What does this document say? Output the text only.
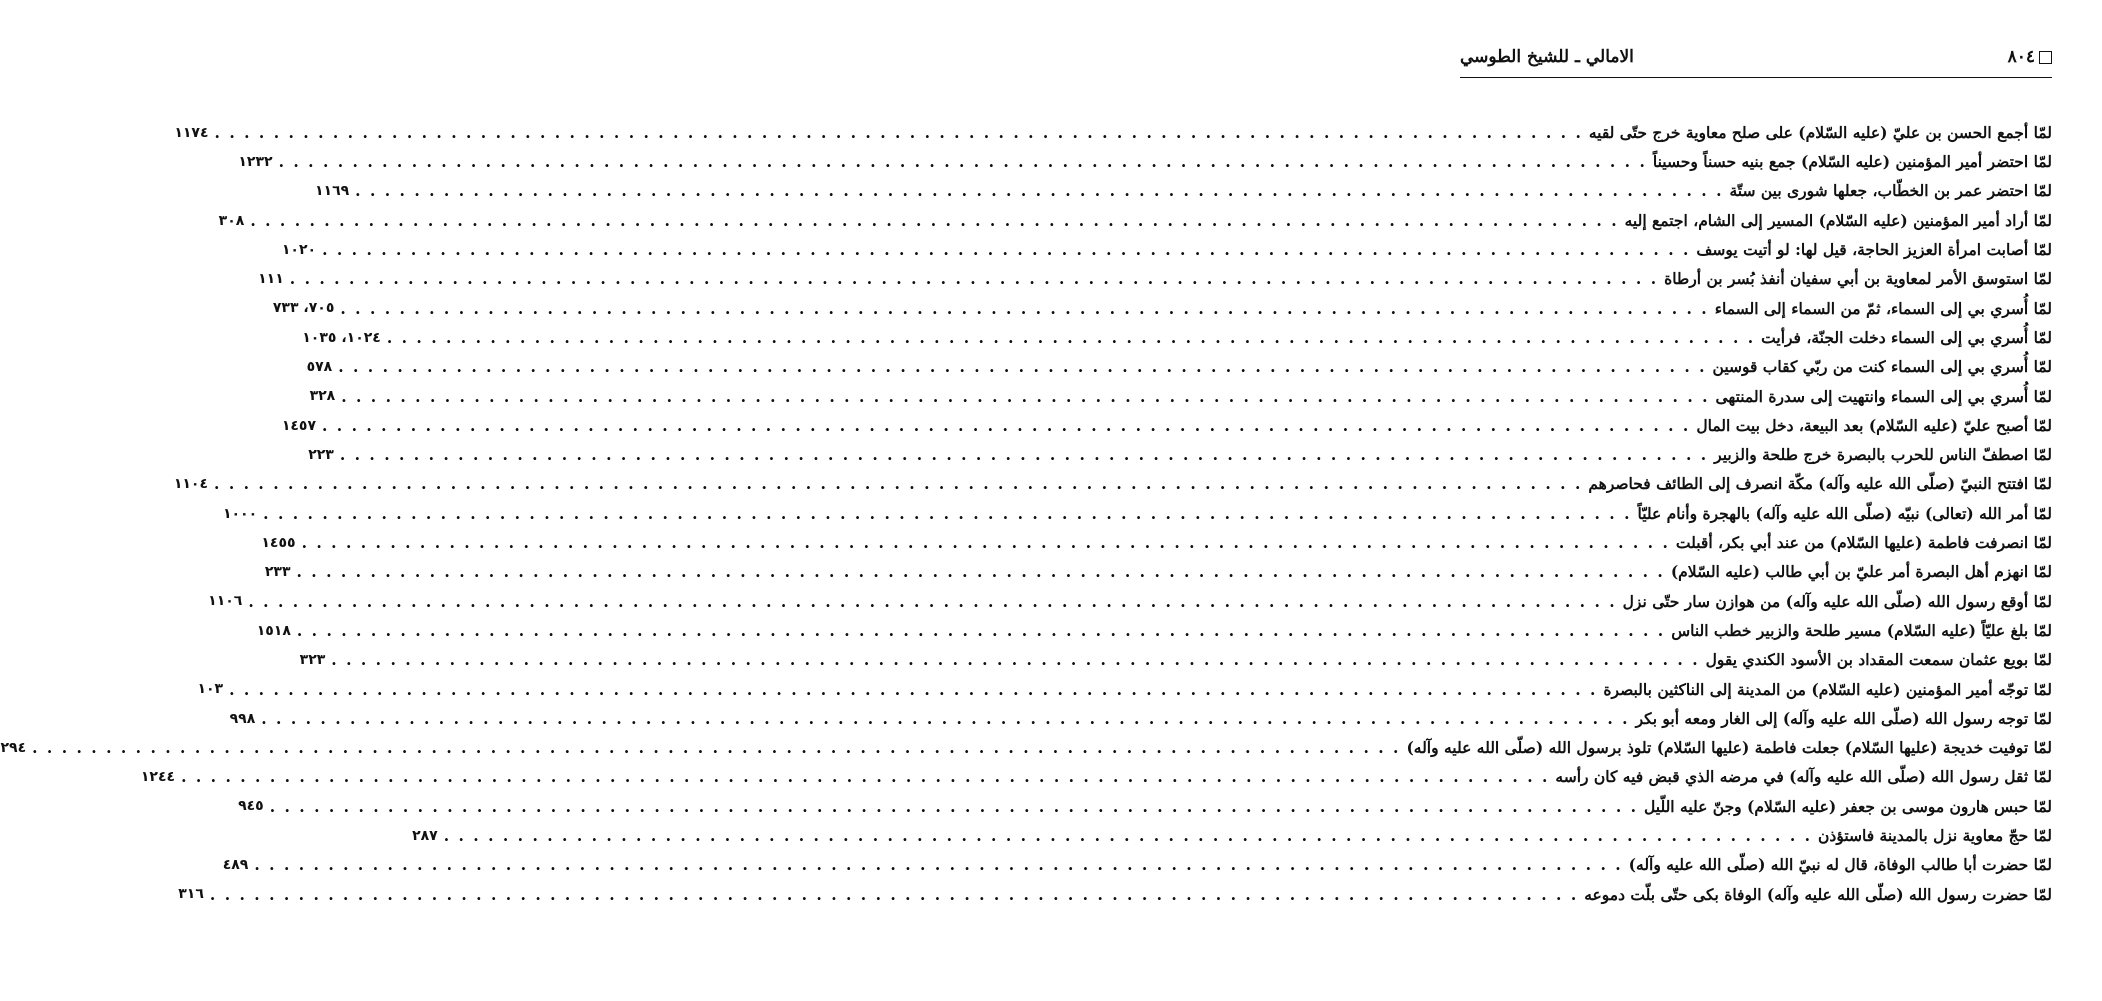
٨٠٤
الامالي ـ للشيخ الطوسي
لمّا أجمع الحسن بن عليّ (عليه السّلام) على صلح معاوية خرج حتّى لقيه
. . .
١١٧٤
لمّا احتضر أمير المؤمنين (عليه السّلام) جمع بنيه حسناً وحسيناً
. . .
١٢٣٢
لمّا احتضر عمر بن الخطّاب، جعلها شورى بين ستّة
. . .
١١٦٩
لمّا أراد أمير المؤمنين (عليه السّلام) المسير إلى الشام، اجتمع إليه
. . .
٣٠٨
لمّا أصابت امرأة العزيز الحاجة، قيل لها: لو أتيت يوسف
. . .
١٠٢٠
لمّا استوسق الأمر لمعاوية بن أبي سفيان أنفذ بُسر بن أرطاة
. . .
١١١
لمّا أُسري بي إلى السماء، ثمّ من السماء إلى السماء
. . .
٧٠٥، ٧٣٣
لمّا أُسري بي إلى السماء دخلت الجنّة، فرأيت
. . .
١٠٢٤، ١٠٣٥
لمّا أُسري بي إلى السماء كنت من ربّي كقاب قوسين
. . .
٥٧٨
لمّا أُسري بي إلى السماء وانتهيت إلى سدرة المنتهى
. . .
٣٢٨
لمّا أصبح عليّ (عليه السّلام) بعد البيعة، دخل بيت المال
. . .
١٤٥٧
لمّا اصطفّ الناس للحرب بالبصرة خرج طلحة والزبير
. . .
٢٢٣
لمّا افتتح النبيّ (صلّى الله عليه وآله) مكّة انصرف إلى الطائف فحاصرهم
. . .
١١٠٤
لمّا أمر الله (تعالى) نبيّه (صلّى الله عليه وآله) بالهجرة وأنام عليّاً
. . .
١٠٠٠
لمّا انصرفت فاطمة (عليها السّلام) من عند أبي بكر، أقبلت
. . .
١٤٥٥
لمّا انهزم أهل البصرة أمر عليّ بن أبي طالب (عليه السّلام)
. . .
٢٣٣
لمّا أوقع رسول الله (صلّى الله عليه وآله) من هوازن سار حتّى نزل
. . .
١١٠٦
لمّا بلغ عليّاً (عليه السّلام) مسير طلحة والزبير خطب الناس
. . .
١٥١٨
لمّا بويع عثمان سمعت المقداد بن الأسود الكندي يقول
. . .
٣٢٣
لمّا توجّه أمير المؤمنين (عليه السّلام) من المدينة إلى الناكثين بالبصرة
. . .
١٠٣
لمّا توجه رسول الله (صلّى الله عليه وآله) إلى الغار ومعه أبو بكر
. . .
٩٩٨
لمّا توفيت خديجة (عليها السّلام) جعلت فاطمة (عليها السّلام) تلوذ برسول الله (صلّى الله عليه وآله)
. . .
٢٩٤
لمّا ثقل رسول الله (صلّى الله عليه وآله) في مرضه الذي قبض فيه كان رأسه
. . .
١٢٤٤
لمّا حبس هارون موسى بن جعفر (عليه السّلام) وجنّ عليه اللّيل
. . .
٩٤٥
لمّا حجّ معاوية نزل بالمدينة فاستؤذن
. . .
٢٨٧
لمّا حضرت أبا طالب الوفاة، قال له نبيّ الله (صلّى الله عليه وآله)
. . .
٤٨٩
لمّا حضرت رسول الله (صلّى الله عليه وآله) الوفاة بكى حتّى بلّت دموعه
. . .
٣١٦
